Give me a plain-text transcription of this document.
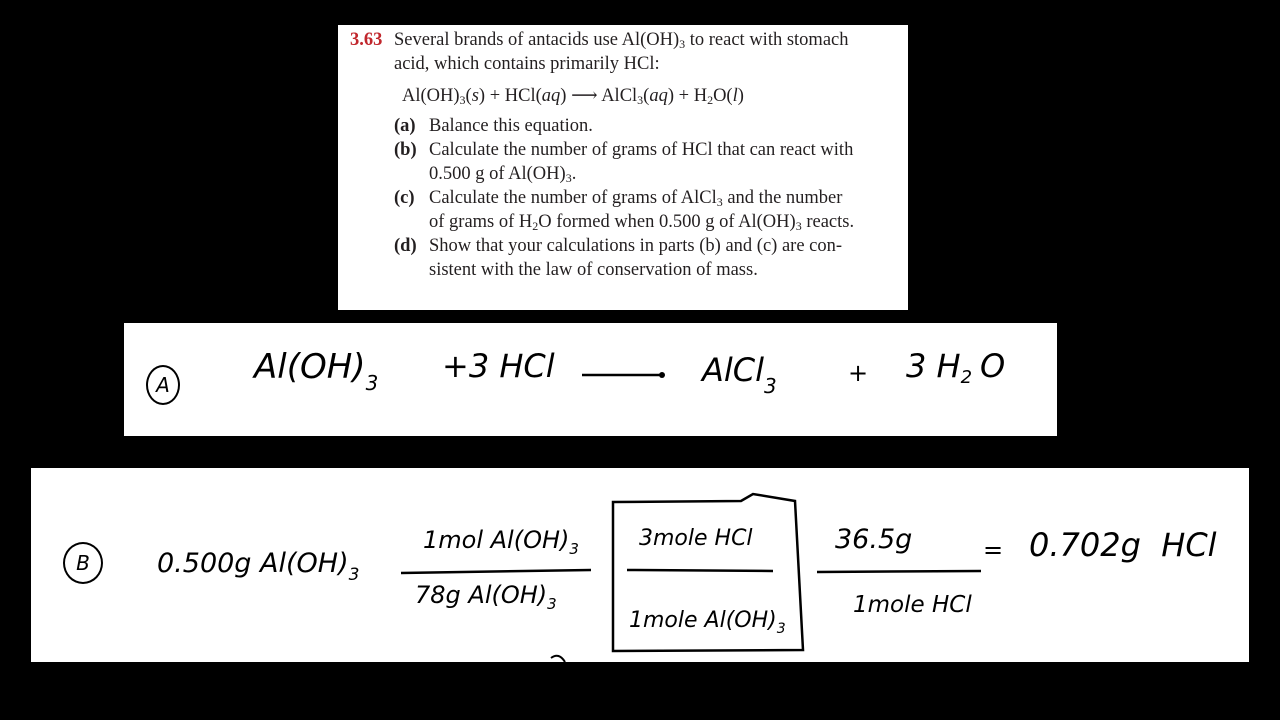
3.63 Several brands of antacids use $Al(OH)_3$ to react with stomach
acid, which contains primarily HCl:
$Al(OH)_3(s) + HCl(aq)$ ⟶ AlCl$_3$(aq) + $H_2O(l)$
(a) Balance this equation.
(b) Calculate the number of grams of HCl that can react with
0.500 g of $Al(OH)_3$.
(c) Calculate the number of grams of AlCl$_3$ and the number
of grams of $H_2O$ formed when 0.500 g of $Al(OH)_3$ reacts.
(d) Show that your calculations in parts (b) and (c) are con-
sistent with the law of conservation of mass.
A $Al(OH)_3 +3$ HCl	AlCl$_3$	+ 3 $H_2$ O
B	0.500g $Al(OH)_3$
1mol $Al(OH)_3$
78g $Al(OH)_3$
3mole HCl
1mole $Al(OH)_3$
36.5g
1mole HCl
= 0.702g HCl
